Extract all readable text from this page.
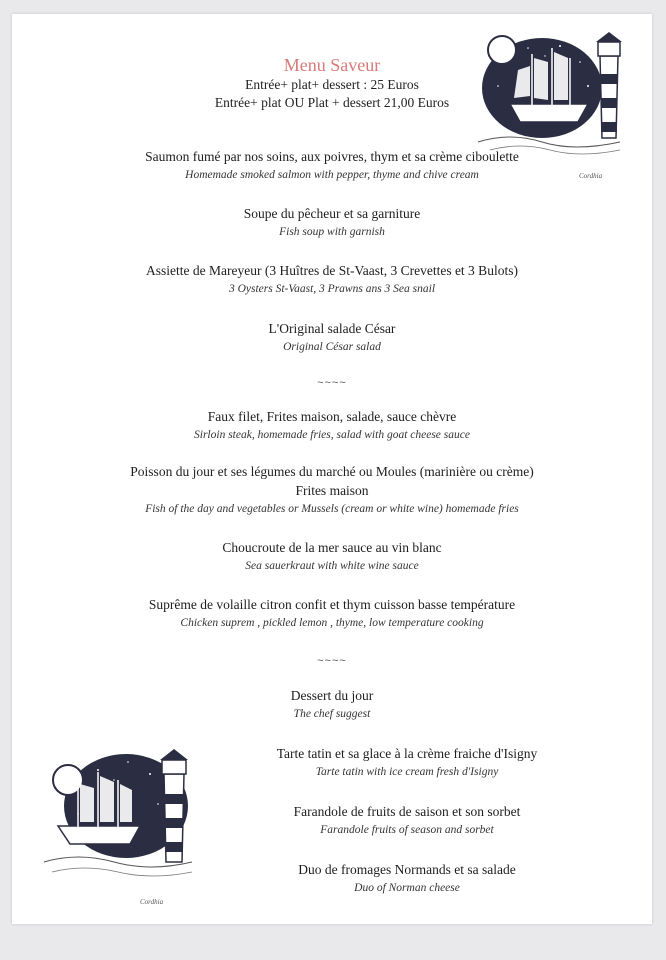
Cordhia
Cordhia
Menu Saveur
Entrée+ plat+ dessert : 25 Euros
Entrée+ plat OU Plat + dessert 21,00 Euros
Saumon fumé par nos soins, aux poivres, thym et sa crème ciboulette
Homemade smoked salmon with pepper, thyme and chive cream
Soupe du pêcheur et sa garniture
Fish soup with garnish
Assiette de Mareyeur (3 Huîtres de St-Vaast, 3 Crevettes et 3 Bulots)
3 Oysters St-Vaast, 3 Prawns ans 3 Sea snail
L'Original salade César
Original César salad
~~~~
Faux filet, Frites maison, salade, sauce chèvre
Sirloin steak, homemade fries, salad with goat cheese sauce
Poisson du jour et ses légumes du marché ou Moules (marinière ou crème)
Frites maison
Fish of the day and vegetables or Mussels (cream or white wine) homemade fries
Choucroute de la mer sauce au vin blanc
Sea sauerkraut with white wine sauce
Suprême de volaille citron confit et thym cuisson basse température
Chicken suprem , pickled lemon , thyme, low temperature cooking
~~~~
Dessert du jour
The chef suggest
Tarte tatin et sa glace à la crème fraiche d'Isigny
Tarte tatin with ice cream fresh d'Isigny
Farandole de fruits de saison et son sorbet
Farandole fruits of season and sorbet
Duo de fromages Normands et sa salade
Duo of Norman cheese
